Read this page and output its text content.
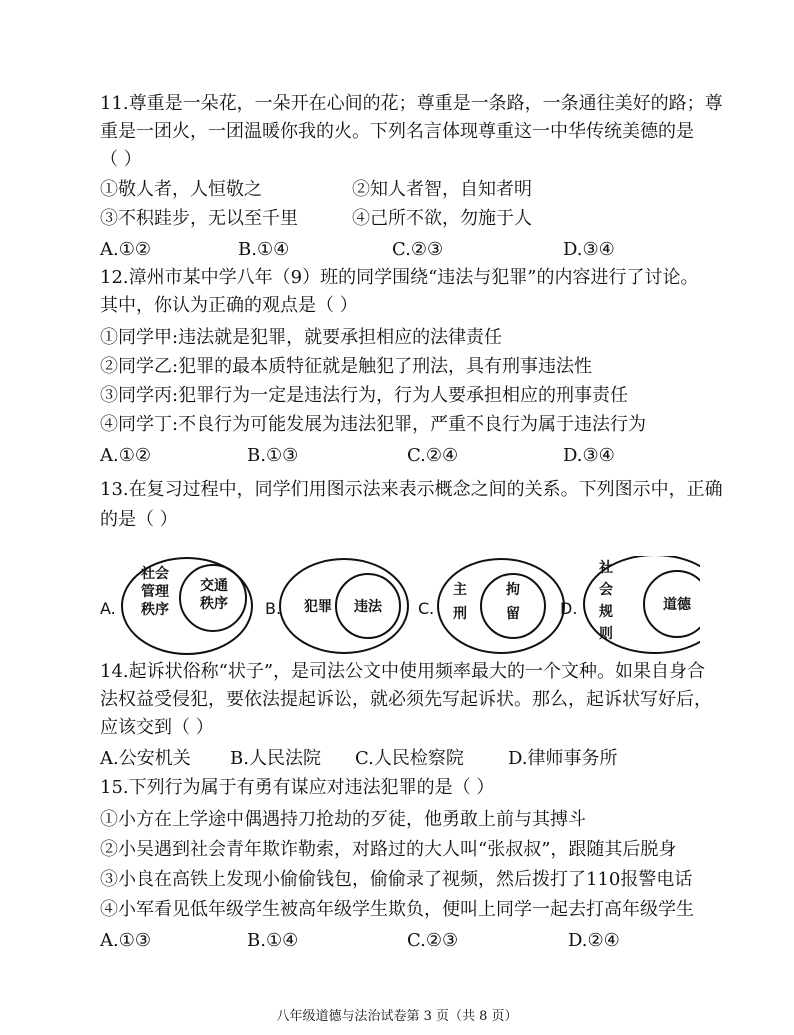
11.尊重是一朵花，一朵开在心间的花；尊重是一条路，一条通往美好的路；尊
重是一团火，一团温暖你我的火。下列名言体现尊重这一中华传统美德的是
（ ）
①敬人者，人恒敬之	②知人者智，自知者明
③不积跬步，无以至千里	④己所不欲，勿施于人
A.①②	B.①④	C.②③	D.③④
12.漳州市某中学八年（9）班的同学围绕“违法与犯罪”的内容进行了讨论。
其中，你认为正确的观点是（ ）
①同学甲:违法就是犯罪，就要承担相应的法律责任
②同学乙:犯罪的最本质特征就是触犯了刑法，具有刑事违法性
③同学丙:犯罪行为一定是违法行为，行为人要承担相应的刑事责任
④同学丁:不良行为可能发展为违法犯罪，严重不良行为属于违法行为
A.①②	B.①③	C.②④	D.③④
13.在复习过程中，同学们用图示法来表示概念之间的关系。下列图示中，正确
的是（ ）
社会
管理
秩序
交通
秩序	犯罪 违法
主
刑
拘
留
社
会
规
则
道德
A.	B.	C.	D.
14.起诉状俗称“状子”，是司法公文中使用频率最大的一个文种。如果自身合
法权益受侵犯，要依法提起诉讼，就必须先写起诉状。那么，起诉状写好后，
应该交到（ ）
A.公安机关 B.人民法院 C.人民检察院 D.律师事务所
15.下列行为属于有勇有谋应对违法犯罪的是（ ）
①小方在上学途中偶遇持刀抢劫的歹徒，他勇敢上前与其搏斗
②小吴遇到社会青年欺诈勒索，对路过的大人叫“张叔叔”，跟随其后脱身
③小良在高铁上发现小偷偷钱包，偷偷录了视频，然后拨打了110报警电话
④小军看见低年级学生被高年级学生欺负，便叫上同学一起去打高年级学生
A.①③	B.①④	C.②③	D.②④
八年级道德与法治试卷第 3 页（共 8 页）
